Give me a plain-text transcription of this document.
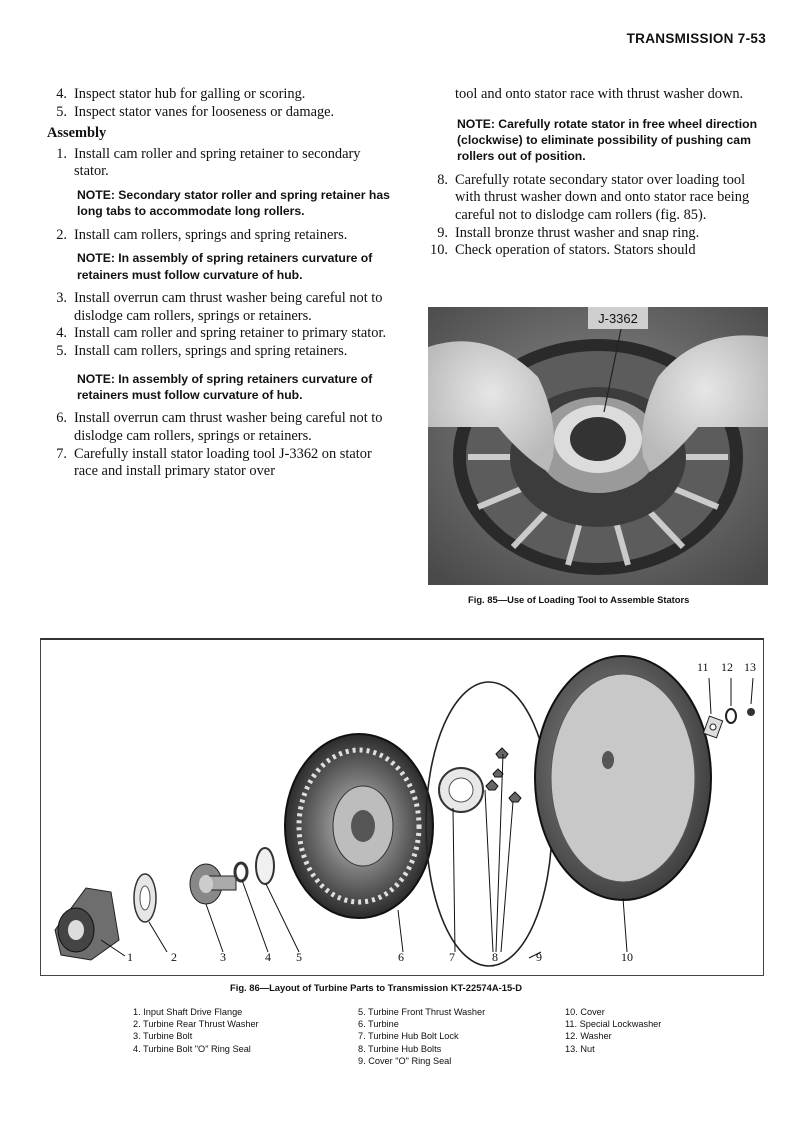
TRANSMISSION 7-53
4. Inspect stator hub for galling or scoring.
5. Inspect stator vanes for looseness or damage.
Assembly
1. Install cam roller and spring retainer to secondary stator.
NOTE: Secondary stator roller and spring retainer has long tabs to accommodate long rollers.
2. Install cam rollers, springs and spring retainers.
NOTE: In assembly of spring retainers curvature of retainers must follow curvature of hub.
3. Install overrun cam thrust washer being careful not to dislodge cam rollers, springs or retainers.
4. Install cam roller and spring retainer to primary stator.
5. Install cam rollers, springs and spring retainers.
NOTE: In assembly of spring retainers curvature of retainers must follow curvature of hub.
6. Install overrun cam thrust washer being careful not to dislodge cam rollers, springs or retainers.
7. Carefully install stator loading tool J-3362 on stator race and install primary stator over
tool and onto stator race with thrust washer down.
NOTE: Carefully rotate stator in free wheel direction (clockwise) to eliminate possibility of pushing cam rollers out of position.
8. Carefully rotate secondary stator over loading tool with thrust washer down and onto stator race being careful not to dislodge cam rollers (fig. 85).
9. Install bronze thrust washer and snap ring.
10. Check operation of stators. Stators should
J-3362
Fig. 85—Use of Loading Tool to Assemble Stators
1	2	3	4 5	6	7	8	9	10
11 12 13
Fig. 86—Layout of Turbine Parts to Transmission KT-22574A-15-D
1. Input Shaft Drive Flange
2. Turbine Rear Thrust Washer
3. Turbine Bolt
4. Turbine Bolt "O" Ring Seal
5. Turbine Front Thrust Washer
6. Turbine
7. Turbine Hub Bolt Lock
8. Turbine Hub Bolts
9. Cover "O" Ring Seal
10. Cover
11. Special Lockwasher
12. Washer
13. Nut
